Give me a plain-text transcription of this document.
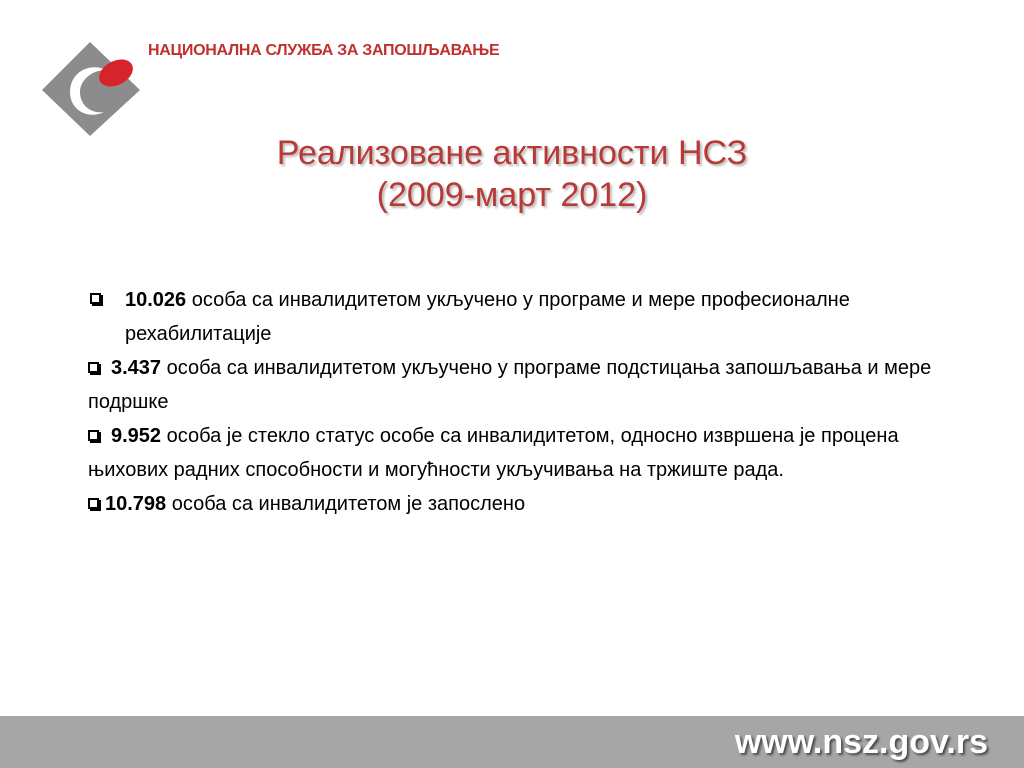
НАЦИОНАЛНА СЛУЖБА ЗА ЗАПОШЉАВАЊЕ
Реализоване активности НСЗ
(2009-март 2012)
10.026 особа са инвалидитетом укључено у програме и мере професионалне рехабилитације
3.437 особа са инвалидитетом укључено у програме подстицања запошљавања и мере подршке
9.952 особа је стекло статус особе са инвалидитетом, односно извршена је процена њихових радних способности и могућности укључивања на тржиште рада.
10.798 особа са инвалидитетом је запослено
www.nsz.gov.rs
